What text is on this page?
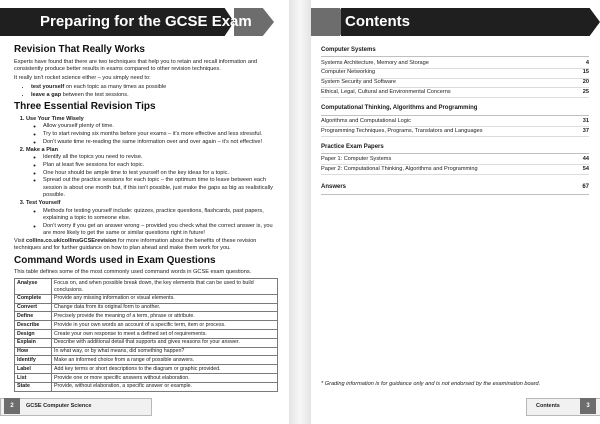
Preparing for the GCSE Exam
Revision That Really Works

Experts have found that there are two techniques that help you to retain and recall information and consistently produce better results in exams compared to other revision techniques.

It really isn't rocket science either – you simply need to:

• test yourself on each topic as many times as possible
• leave a gap between the test sessions.
Three Essential Revision Tips
1. Use Your Time Wisely
◦ Allow yourself plenty of time.
◦ Try to start revising six months before your exams – it's more effective and less stressful.
◦ Don't waste time re-reading the same information over and over again – it's not effective!
2. Make a Plan
◦ Identify all the topics you need to revise.
◦ Plan at least five sessions for each topic.
◦ One hour should be ample time to test yourself on the key ideas for a topic.
◦ Spread out the practice sessions for each topic – the optimum time to leave between each session is about one month but, if this isn't possible, just make the gaps as big as realistically possible.
3. Test Yourself
◦ Methods for testing yourself include: quizzes, practice questions, flashcards, past papers, explaining a topic to someone else.
◦ Don't worry if you get an answer wrong – provided you check what the correct answer is, you are more likely to get the same or similar questions right in future!

Visit collins.co.uk/collinsGCSErevision for more information about the benefits of these revision techniques and for further guidance on how to plan ahead and make them work for you.

Command Words used in Exam Questions

This table defines some of the most commonly used command words in GCSE exam questions.

Analyse	Focus on, and when possible break down, the key elements that can be used to build conclusions.
Complete	Provide any missing information or visual elements.
Convert	Change data from its original form to another.
Define	Precisely provide the meaning of a term, phrase or attribute.
Describe	Provide in your own words an account of a specific term, item or process.
Design	Create your own response to meet a defined set of requirements.
Explain	Describe with additional detail that supports and gives reasons for your answer.
How	In what way, or by what means, did something happen?
Identify	Make an informed choice from a range of possible answers.
Label	Add key terms or short descriptions to the diagram or graphic provided.
List	Provide one or more specific answers without elaboration.
State	Provide, without elaboration, a specific answer or example.
2	GCSE Computer Science
Contents
Computer Systems
Systems Architecture, Memory and Storage	4
Computer Networking	15
System Security and Software	20
Ethical, Legal, Cultural and Environmental Concerns	25
Computational Thinking, Algorithms and Programming
Algorithms and Computational Logic	31
Programming Techniques, Programs, Translators and Languages	37
Practice Exam Papers
Paper 1: Computer Systems	44
Paper 2: Computational Thinking, Algorithms and Programming	54
Answers	67
* Grading information is for guidance only and is not endorsed by the examination board.
Contents	3
